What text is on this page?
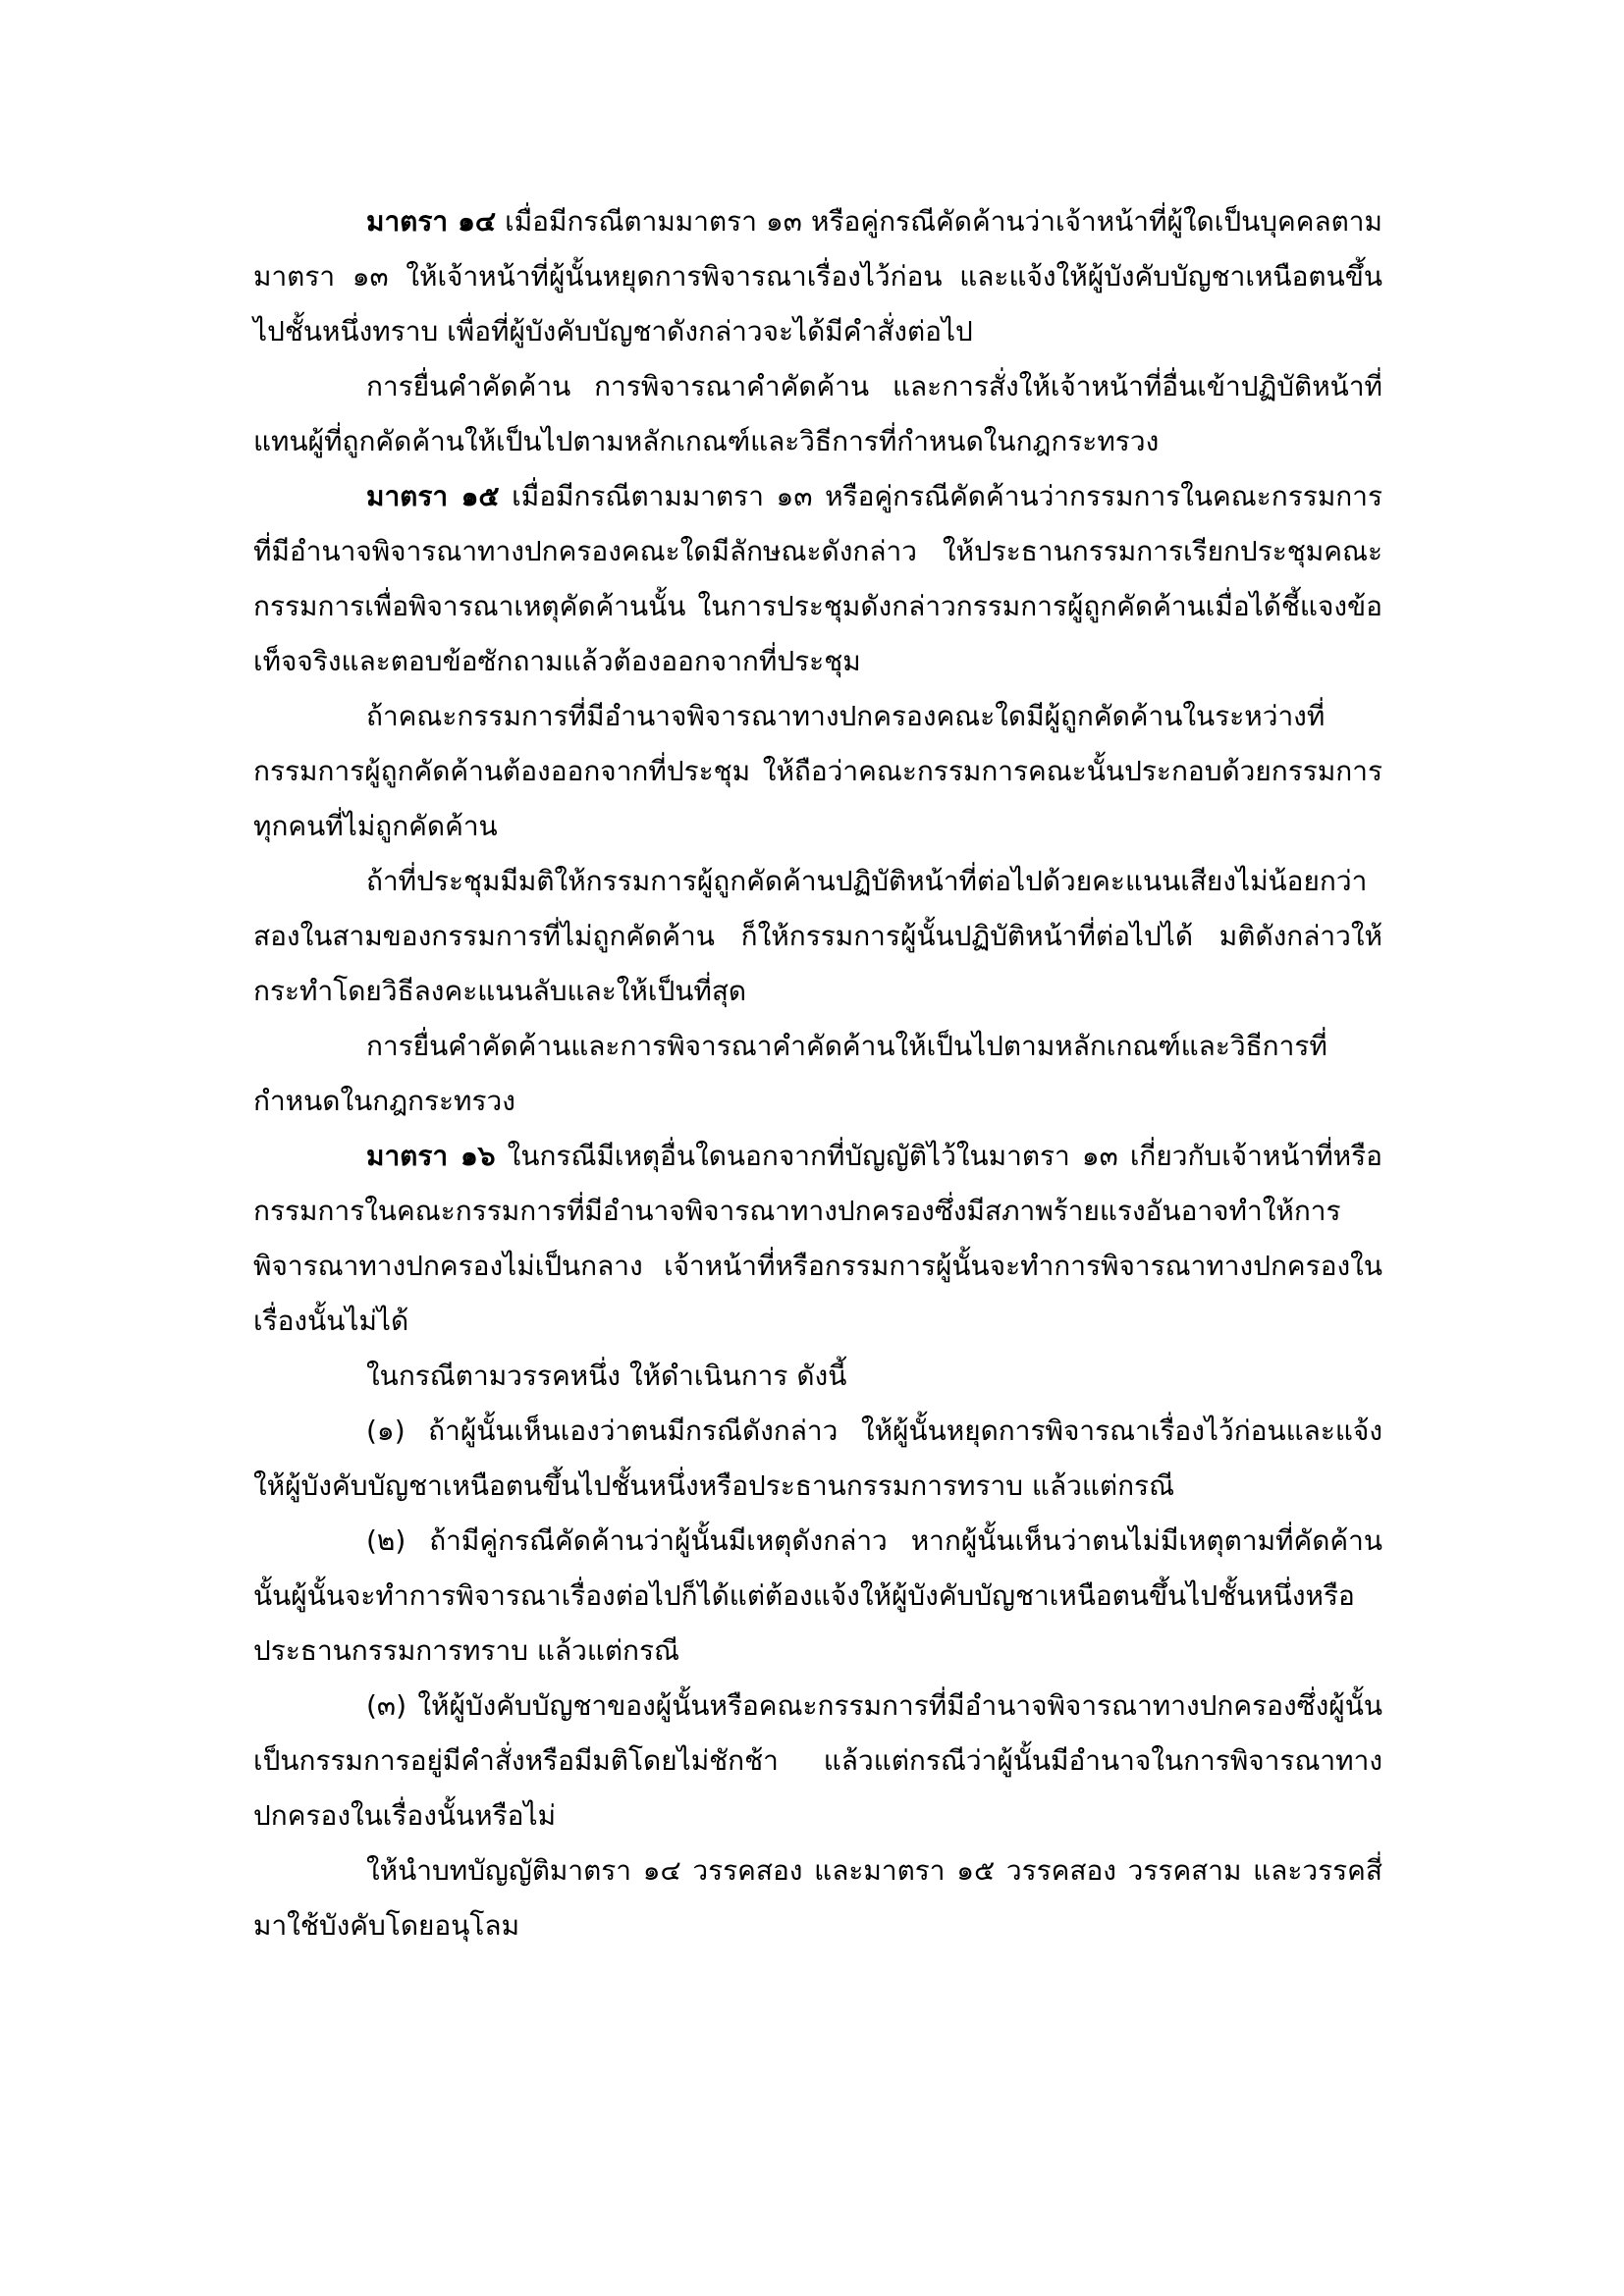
มาตรา ๑๔ เมื่อมีกรณีตามมาตรา ๑๓ หรือคู่กรณีคัดค้านว่าเจ้าหน้าที่ผู้ใดเป็นบุคคลตามมาตรา ๑๓ ให้เจ้าหน้าที่ผู้นั้นหยุดการพิจารณาเรื่องไว้ก่อน และแจ้งให้ผู้บังคับบัญชาเหนือตนขึ้นไปชั้นหนึ่งทราบ เพื่อที่ผู้บังคับบัญชาดังกล่าวจะได้มีคำสั่งต่อไป

การยื่นคำคัดค้าน การพิจารณาคำคัดค้าน และการสั่งให้เจ้าหน้าที่อื่นเข้าปฏิบัติหน้าที่แทนผู้ที่ถูกคัดค้านให้เป็นไปตามหลักเกณฑ์และวิธีการที่กำหนดในกฎกระทรวง

มาตรา ๑๕ เมื่อมีกรณีตามมาตรา ๑๓ หรือคู่กรณีคัดค้านว่ากรรมการในคณะกรรมการที่มีอำนาจพิจารณาทางปกครองคณะใดมีลักษณะดังกล่าว ให้ประธานกรรมการเรียกประชุมคณะกรรมการเพื่อพิจารณาเหตุคัดค้านนั้น ในการประชุมดังกล่าวกรรมการผู้ถูกคัดค้านเมื่อได้ชี้แจงข้อเท็จจริงและตอบข้อซักถามแล้วต้องออกจากที่ประชุม

ถ้าคณะกรรมการที่มีอำนาจพิจารณาทางปกครองคณะใดมีผู้ถูกคัดค้านในระหว่างที่กรรมการผู้ถูกคัดค้านต้องออกจากที่ประชุม ให้ถือว่าคณะกรรมการคณะนั้นประกอบด้วยกรรมการทุกคนที่ไม่ถูกคัดค้าน

ถ้าที่ประชุมมีมติให้กรรมการผู้ถูกคัดค้านปฏิบัติหน้าที่ต่อไปด้วยคะแนนเสียงไม่น้อยกว่าสองในสามของกรรมการที่ไม่ถูกคัดค้าน ก็ให้กรรมการผู้นั้นปฏิบัติหน้าที่ต่อไปได้ มติดังกล่าวให้กระทำโดยวิธีลงคะแนนลับและให้เป็นที่สุด

การยื่นคำคัดค้านและการพิจารณาคำคัดค้านให้เป็นไปตามหลักเกณฑ์และวิธีการที่กำหนดในกฎกระทรวง

มาตรา ๑๖ ในกรณีมีเหตุอื่นใดนอกจากที่บัญญัติไว้ในมาตรา ๑๓ เกี่ยวกับเจ้าหน้าที่หรือกรรมการในคณะกรรมการที่มีอำนาจพิจารณาทางปกครองซึ่งมีสภาพร้ายแรงอันอาจทำให้การพิจารณาทางปกครองไม่เป็นกลาง เจ้าหน้าที่หรือกรรมการผู้นั้นจะทำการพิจารณาทางปกครองในเรื่องนั้นไม่ได้

ในกรณีตามวรรคหนึ่ง ให้ดำเนินการ ดังนี้

(๑) ถ้าผู้นั้นเห็นเองว่าตนมีกรณีดังกล่าว ให้ผู้นั้นหยุดการพิจารณาเรื่องไว้ก่อนและแจ้งให้ผู้บังคับบัญชาเหนือตนขึ้นไปชั้นหนึ่งหรือประธานกรรมการทราบ แล้วแต่กรณี

(๒) ถ้ามีคู่กรณีคัดค้านว่าผู้นั้นมีเหตุดังกล่าว หากผู้นั้นเห็นว่าตนไม่มีเหตุตามที่คัดค้านนั้นผู้นั้นจะทำการพิจารณาเรื่องต่อไปก็ได้แต่ต้องแจ้งให้ผู้บังคับบัญชาเหนือตนขึ้นไปชั้นหนึ่งหรือประธานกรรมการทราบ แล้วแต่กรณี

(๓) ให้ผู้บังคับบัญชาของผู้นั้นหรือคณะกรรมการที่มีอำนาจพิจารณาทางปกครองซึ่งผู้นั้นเป็นกรรมการอยู่มีคำสั่งหรือมีมติโดยไม่ชักช้า แล้วแต่กรณีว่าผู้นั้นมีอำนาจในการพิจารณาทางปกครองในเรื่องนั้นหรือไม่

ให้นำบทบัญญัติมาตรา ๑๔ วรรคสอง และมาตรา ๑๕ วรรคสอง วรรคสาม และวรรคสี่มาใช้บังคับโดยอนุโลม
